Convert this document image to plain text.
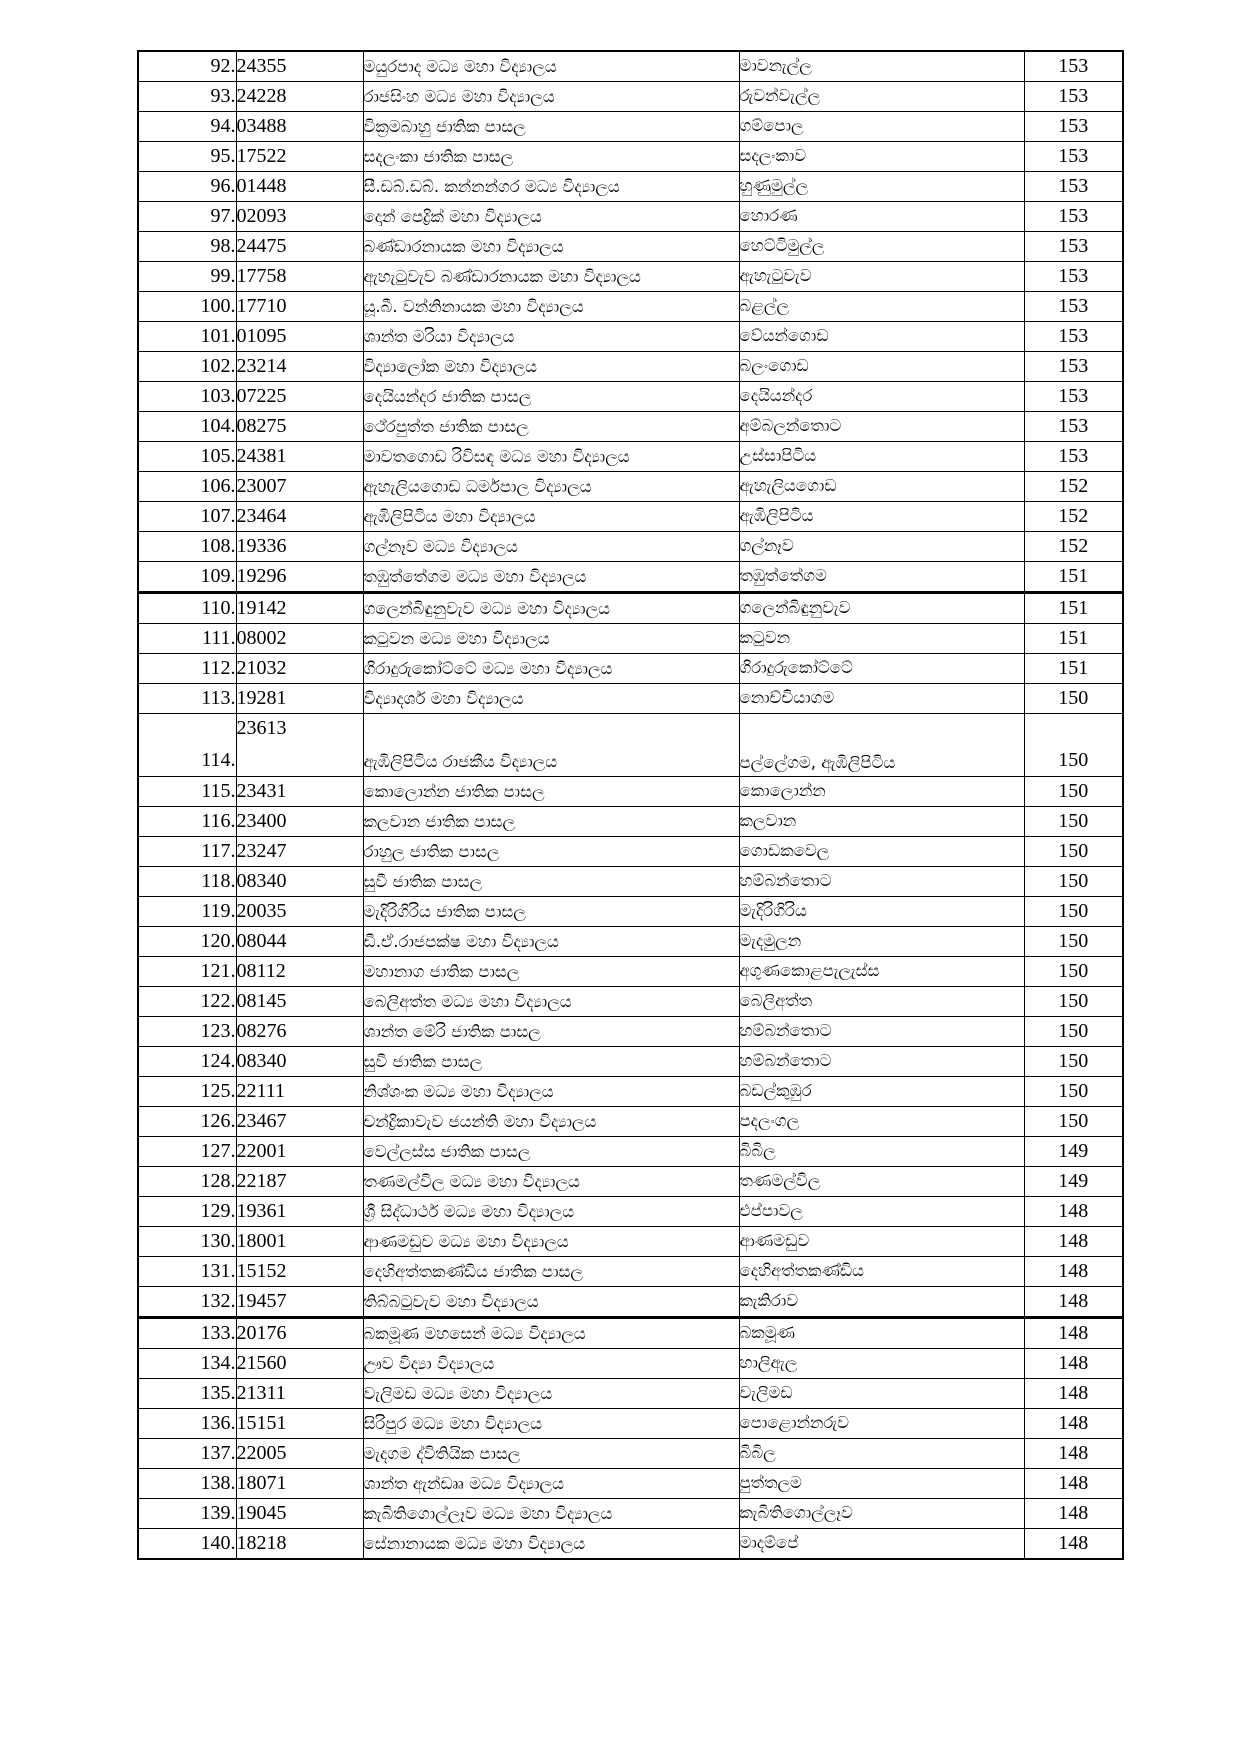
92.	24355	මයුරපාද මධ්‍ය මහා විද්‍යාලය	මාවනැල්ල	153
93.	24228	රාජසිංහ මධ්‍ය මහා විද්‍යාලය	රුවන්වැල්ල	153
94.	03488	වික්‍රමබාහු ජාතික පාසල	ගම්පොල	153
95.	17522	සදලංකා ජාතික පාසල	සදලංකාව	153
96.	01448	සී.ඩබ්.ඩබ්. කන්නන්ගර මධ්‍ය විද්‍යාලය	හුණුමුල්ල	153
97.	02093	දොන් පෙද්‍රික් මහා විද්‍යාලය	හොරණ	153
98.	24475	බණ්ඩාරනායක මහා විද්‍යාලය	හෙට්ටිමුල්ල	153
99.	17758	ඇහැටුවැව බණ්ඩාරනායක මහා විද්‍යාලය	ඇහැටුවැව	153
100.	17710	යූ.බී. වන්නිනායක මහා විද්‍යාලය	බළල්ල	153
101.	01095	ශාන්ත මරියා විද්‍යාලය	වේයන්ගොඩ	153
102.	23214	විද්‍යාලෝක මහා විද්‍යාලය	බලංගොඩ	153
103.	07225	දෙයියන්දර ජාතික පාසල	දෙයියන්දර	153
104.	08275	ථේරපුත්ත ජාතික පාසල	අම්බලන්තොට	153
105.	24381	මාවතගොඩ රිවිසඳ මධ්‍ය මහා විද්‍යාලය	උස්සාපිටිය	153
106.	23007	ඇහැලියගොඩ ධර්මපාල විද්‍යාලය	ඇහැලියගොඩ	152
107.	23464	ඇඹිලිපිටිය මහා විද්‍යාලය	ඇඹිලිපිටිය	152
108.	19336	ගල්නෑව මධ්‍ය විද්‍යාලය	ගල්නෑව	152
109.	19296	තඹුත්තේගම මධ්‍ය මහා විද්‍යාලය	තඹුත්තේගම	151
110.	19142	ගලෙන්බිඳුනුවැව මධ්‍ය මහා විද්‍යාලය	ගලෙන්බිඳුනුවැව	151
111.	08002	කටුවන මධ්‍ය මහා විද්‍යාලය	කටුවන	151
112.	21032	ගිරාදුරුකෝට්ටේ මධ්‍ය මහා විද්‍යාලය	ගිරාදුරුකෝට්ටේ	151
113.	19281	විද්‍යාදර්ශ මහා විද්‍යාලය	නොච්චියාගම	150
114.	23613	ඇඹිලිපිටිය රාජකීය විද්‍යාලය	පල්ලේගම, ඇඹිලිපිටිය	150
115.	23431	කොලොන්න ජාතික පාසල	කොලොන්න	150
116.	23400	කලවාන ජාතික පාසල	කලවාන	150
117.	23247	රාහුල ජාතික පාසල	ගොඩකවෙල	150
118.	08340	සුවී ජාතික පාසල	හම්බන්තොට	150
119.	20035	මැදිරිගිරිය ජාතික පාසල	මැදිරිගිරිය	150
120.	08044	ඩී.ඒ.රාජපක්ෂ මහා විද්‍යාලය	මැදමුලන	150
121.	08112	මහානාග ජාතික පාසල	අගුණකොළපැලැස්ස	150
122.	08145	බෙලිඅත්ත මධ්‍ය මහා විද්‍යාලය	බෙලිඅත්ත	150
123.	08276	ශාන්ත මේරි ජාතික පාසල	හම්බන්තොට	150
124.	08340	සුවී ජාතික පාසල	හම්බන්තොට	150
125.	22111	නිශ්ශංක මධ්‍ය මහා විද්‍යාලය	බඩල්කුඹුර	150
126.	23467	චන්ද්‍රිකාවැව ජයන්ති මහා විද්‍යාලය	පදලංගල	150
127.	22001	වෙල්ලස්ස ජාතික පාසල	බිබිල	149
128.	22187	තණමල්විල මධ්‍ය මහා විද්‍යාලය	තණමල්විල	149
129.	19361	ශ්‍රී සිද්ධාර්ථ මධ්‍ය මහා විද්‍යාලය	එප්පාවල	148
130.	18001	ආණමඩුව මධ්‍ය මහා විද්‍යාලය	ආණමඩුව	148
131.	15152	දෙහිඅත්තකණ්ඩිය ජාතික පාසල	දෙහිඅත්තකණ්ඩිය	148
132.	19457	තිබ්බටුවැව මහා විද්‍යාලය	කැකිරාව	148
133.	20176	බකමූණ මහසෙන් මධ්‍ය විද්‍යාලය	බකමූණ	148
134.	21560	ඌව විද්‍යා විද්‍යාලය	හාලිඇල	148
135.	21311	වැලිමඩ මධ්‍ය මහා විද්‍යාලය	වැලිමඩ	148
136.	15151	සිරිපුර මධ්‍ය මහා විද්‍යාලය	පොළොන්නරුව	148
137.	22005	මැදගම ද්විතියික පාසල	බිබිල	148
138.	18071	ශාන්ත ඇන්ඩෲ මධ්‍ය විද්‍යාලය	පුත්තලම	148
139.	19045	කැබිතිගොල්ලෑව මධ්‍ය මහා විද්‍යාලය	කැබිතිගොල්ලෑව	148
140.	18218	සේනානායක මධ්‍ය මහා විද්‍යාලය	මාදම්පේ	148
